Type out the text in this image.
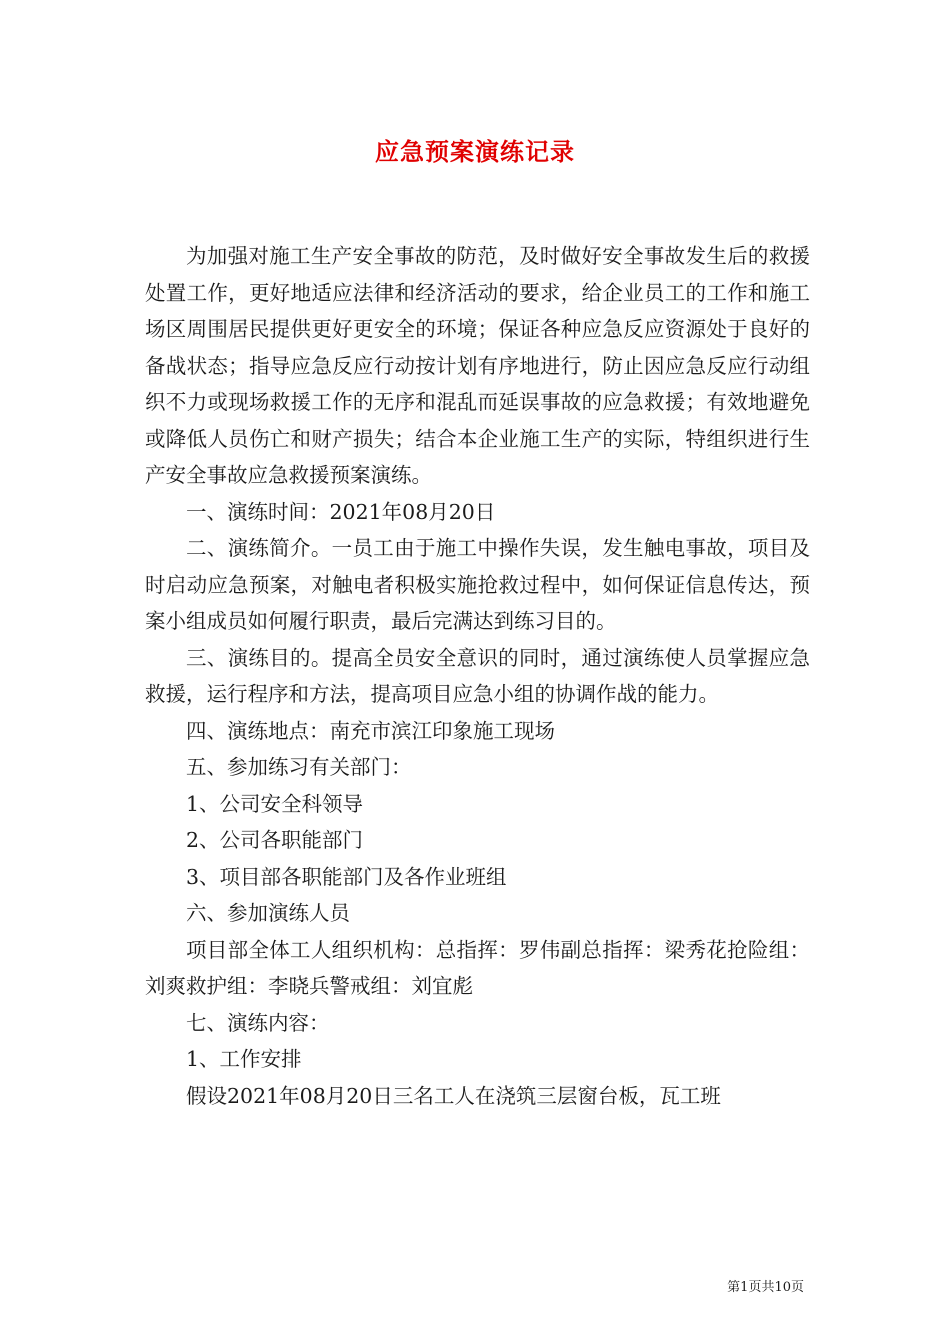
应急预案演练记录

为加强对施工生产安全事故的防范，及时做好安全事故发生后的救援处置工作，更好地适应法律和经济活动的要求，给企业员工的工作和施工场区周围居民提供更好更安全的环境；保证各种应急反应资源处于良好的备战状态；指导应急反应行动按计划有序地进行，防止因应急反应行动组织不力或现场救援工作的无序和混乱而延误事故的应急救援；有效地避免或降低人员伤亡和财产损失；结合本企业施工生产的实际，特组织进行生产安全事故应急救援预案演练。

一、演练时间：2021年08月20日

二、演练简介。一员工由于施工中操作失误，发生触电事故，项目及时启动应急预案，对触电者积极实施抢救过程中，如何保证信息传达，预案小组成员如何履行职责，最后完满达到练习目的。

三、演练目的。提高全员安全意识的同时，通过演练使人员掌握应急救援，运行程序和方法，提高项目应急小组的协调作战的能力。

四、演练地点：南充市滨江印象施工现场

五、参加练习有关部门：

1、公司安全科领导

2、公司各职能部门

3、项目部各职能部门及各作业班组

六、参加演练人员

项目部全体工人组织机构：总指挥：罗伟副总指挥：梁秀花抢险组：刘爽救护组：李晓兵警戒组：刘宜彪

七、演练内容：

1、工作安排

假设2021年08月20日三名工人在浇筑三层窗台板，瓦工班

第1页共10页
